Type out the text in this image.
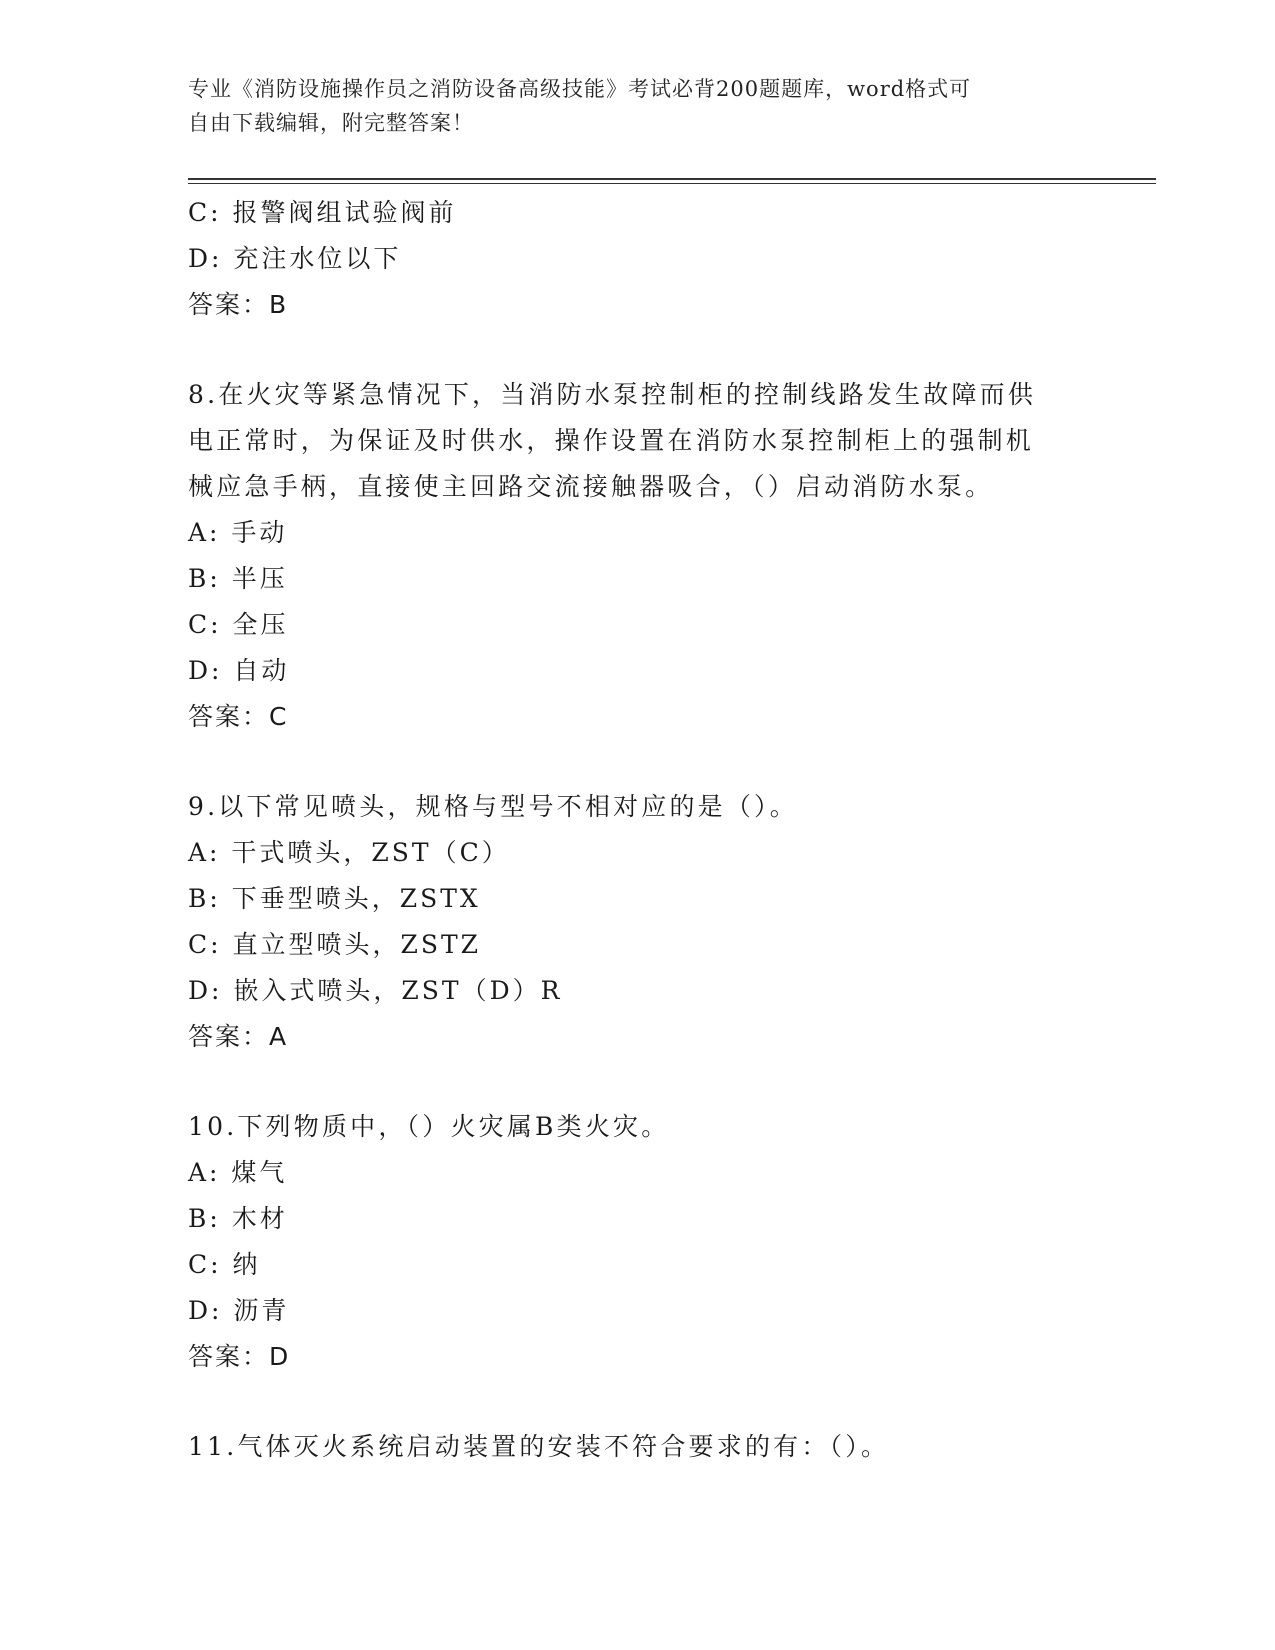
专业《消防设施操作员之消防设备高级技能》考试必背200题题库，word格式可
自由下载编辑，附完整答案！
C: 报警阀组试验阀前
D: 充注水位以下
答案：B
8.在火灾等紧急情况下，当消防水泵控制柜的控制线路发生故障而供
电正常时，为保证及时供水，操作设置在消防水泵控制柜上的强制机
械应急手柄，直接使主回路交流接触器吸合，（）启动消防水泵。
A: 手动
B: 半压
C: 全压
D: 自动
答案：C
9.以下常见喷头，规格与型号不相对应的是（）。
A: 干式喷头，ZST（C）
B: 下垂型喷头，ZSTX
C: 直立型喷头，ZSTZ
D: 嵌入式喷头，ZST（D）R
答案：A
10.下列物质中，（）火灾属B类火灾。
A: 煤气
B: 木材
C: 纳
D: 沥青
答案：D
11.气体灭火系统启动装置的安装不符合要求的有：（）。
